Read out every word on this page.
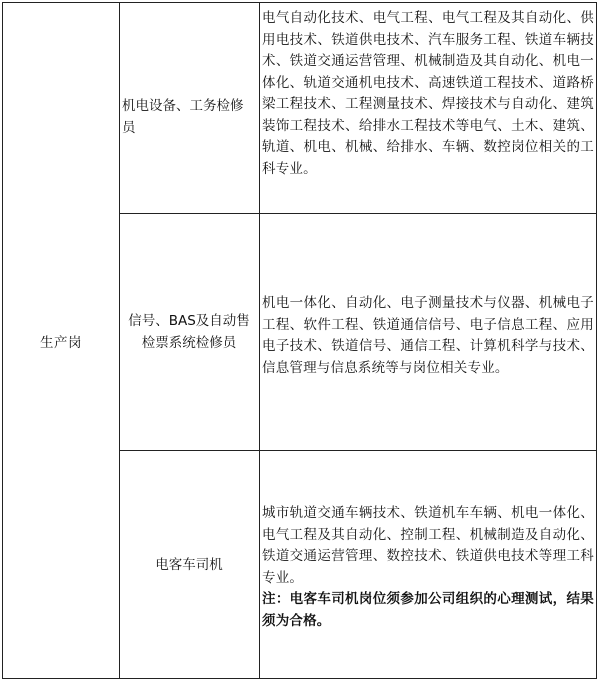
生产岗	机电设备、工务检修员	电气自动化技术、电气工程、电气工程及其自动化、供用电技术、铁道供电技术、汽车服务工程、铁道车辆技术、铁道交通运营管理、机械制造及其自动化、机电一体化、轨道交通机电技术、高速铁道工程技术、道路桥梁工程技术、工程测量技术、焊接技术与自动化、建筑装饰工程技术、给排水工程技术等电气、土木、建筑、轨道、机电、机械、给排水、车辆、数控岗位相关的工科专业。
	信号、BAS及自动售检票系统检修员	机电一体化、自动化、电子测量技术与仪器、机械电子工程、软件工程、铁道通信信号、电子信息工程、应用电子技术、铁道信号、通信工程、计算机科学与技术、信息管理与信息系统等与岗位相关专业。
	电客车司机	城市轨道交通车辆技术、铁道机车车辆、机电一体化、电气工程及其自动化、控制工程、机械制造及自动化、铁道交通运营管理、数控技术、铁道供电技术等理工科专业。
注：电客车司机岗位须参加公司组织的心理测试，结果须为合格。
